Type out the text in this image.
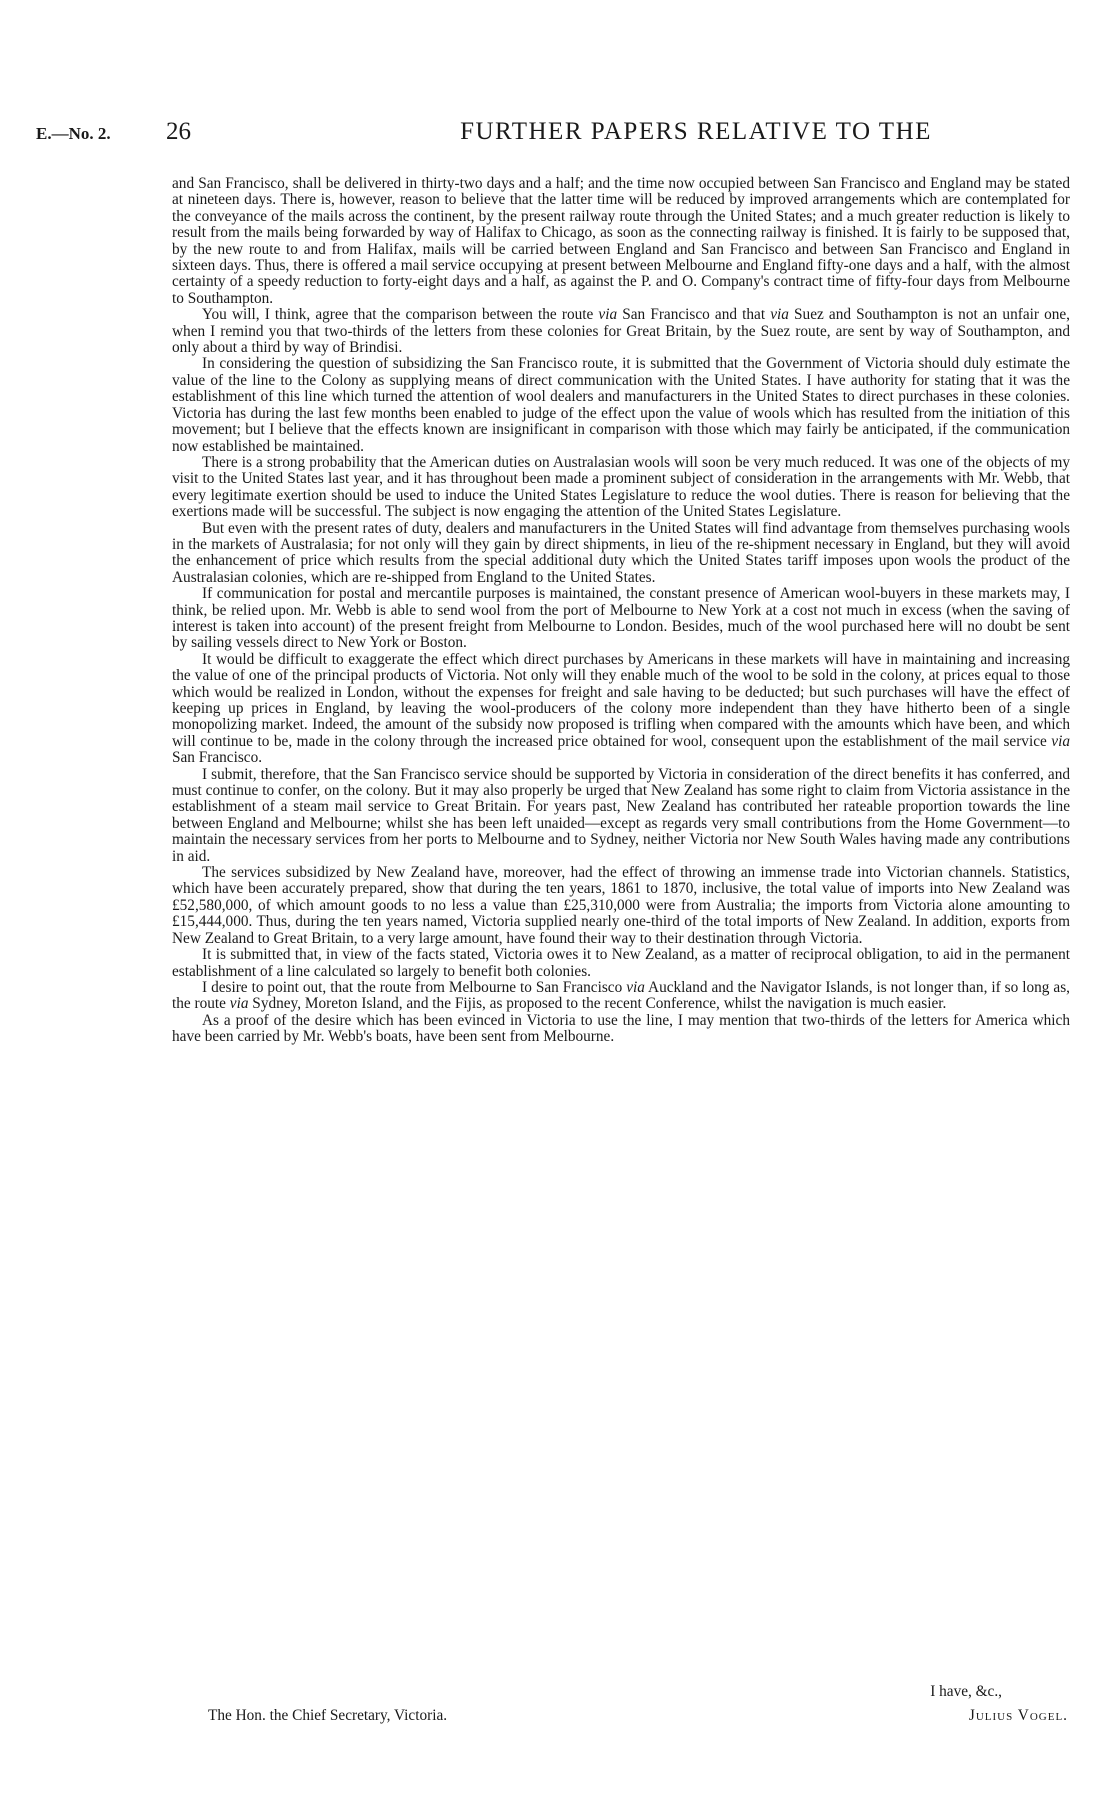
E.—No. 2. 26	FURTHER PAPERS RELATIVE TO THE

and San Francisco, shall be delivered in thirty-two days and a half; and the time now occupied between San Francisco and England may be stated at nineteen days. There is, however, reason to believe that the latter time will be reduced by improved arrangements which are contemplated for the conveyance of the mails across the continent, by the present railway route through the United States; and a much greater reduction is likely to result from the mails being forwarded by way of Halifax to Chicago, as soon as the connecting railway is finished. It is fairly to be supposed that, by the new route to and from Halifax, mails will be carried between England and San Francisco and between San Francisco and England in sixteen days. Thus, there is offered a mail service occupying at present between Melbourne and England fifty-one days and a half, with the almost certainty of a speedy reduction to forty-eight days and a half, as against the P. and O. Company's contract time of fifty-four days from Melbourne to Southampton.

You will, I think, agree that the comparison between the route via San Francisco and that via Suez and Southampton is not an unfair one, when I remind you that two-thirds of the letters from these colonies for Great Britain, by the Suez route, are sent by way of Southampton, and only about a third by way of Brindisi.

In considering the question of subsidizing the San Francisco route, it is submitted that the Government of Victoria should duly estimate the value of the line to the Colony as supplying means of direct communication with the United States. I have authority for stating that it was the establishment of this line which turned the attention of wool dealers and manufacturers in the United States to direct purchases in these colonies. Victoria has during the last few months been enabled to judge of the effect upon the value of wools which has resulted from the initiation of this movement; but I believe that the effects known are insignificant in comparison with those which may fairly be anticipated, if the communication now established be maintained.

There is a strong probability that the American duties on Australasian wools will soon be very much reduced. It was one of the objects of my visit to the United States last year, and it has throughout been made a prominent subject of consideration in the arrangements with Mr. Webb, that every legitimate exertion should be used to induce the United States Legislature to reduce the wool duties. There is reason for believing that the exertions made will be successful. The subject is now engaging the attention of the United States Legislature.

But even with the present rates of duty, dealers and manufacturers in the United States will find advantage from themselves purchasing wools in the markets of Australasia; for not only will they gain by direct shipments, in lieu of the re-shipment necessary in England, but they will avoid the enhancement of price which results from the special additional duty which the United States tariff imposes upon wools the product of the Australasian colonies, which are re-shipped from England to the United States.

If communication for postal and mercantile purposes is maintained, the constant presence of American wool-buyers in these markets may, I think, be relied upon. Mr. Webb is able to send wool from the port of Melbourne to New York at a cost not much in excess (when the saving of interest is taken into account) of the present freight from Melbourne to London. Besides, much of the wool purchased here will no doubt be sent by sailing vessels direct to New York or Boston.

It would be difficult to exaggerate the effect which direct purchases by Americans in these markets will have in maintaining and increasing the value of one of the principal products of Victoria. Not only will they enable much of the wool to be sold in the colony, at prices equal to those which would be realized in London, without the expenses for freight and sale having to be deducted; but such purchases will have the effect of keeping up prices in England, by leaving the wool-producers of the colony more independent than they have hitherto been of a single monopolizing market. Indeed, the amount of the subsidy now proposed is trifling when compared with the amounts which have been, and which will continue to be, made in the colony through the increased price obtained for wool, consequent upon the establishment of the mail service via San Francisco.

I submit, therefore, that the San Francisco service should be supported by Victoria in consideration of the direct benefits it has conferred, and must continue to confer, on the colony. But it may also properly be urged that New Zealand has some right to claim from Victoria assistance in the establishment of a steam mail service to Great Britain. For years past, New Zealand has contributed her rateable proportion towards the line between England and Melbourne; whilst she has been left unaided—except as regards very small contributions from the Home Government—to maintain the necessary services from her ports to Melbourne and to Sydney, neither Victoria nor New South Wales having made any contributions in aid.

The services subsidized by New Zealand have, moreover, had the effect of throwing an immense trade into Victorian channels. Statistics, which have been accurately prepared, show that during the ten years, 1861 to 1870, inclusive, the total value of imports into New Zealand was £52,580,000, of which amount goods to no less a value than £25,310,000 were from Australia; the imports from Victoria alone amounting to £15,444,000. Thus, during the ten years named, Victoria supplied nearly one-third of the total imports of New Zealand. In addition, exports from New Zealand to Great Britain, to a very large amount, have found their way to their destination through Victoria.

It is submitted that, in view of the facts stated, Victoria owes it to New Zealand, as a matter of reciprocal obligation, to aid in the permanent establishment of a line calculated so largely to benefit both colonies.

I desire to point out, that the route from Melbourne to San Francisco via Auckland and the Navigator Islands, is not longer than, if so long as, the route via Sydney, Moreton Island, and the Fijis, as proposed to the recent Conference, whilst the navigation is much easier.

As a proof of the desire which has been evinced in Victoria to use the line, I may mention that two-thirds of the letters for America which have been carried by Mr. Webb's boats, have been sent from Melbourne.

I have, &c.,
The Hon. the Chief Secretary, Victoria.	Julius Vogel.
